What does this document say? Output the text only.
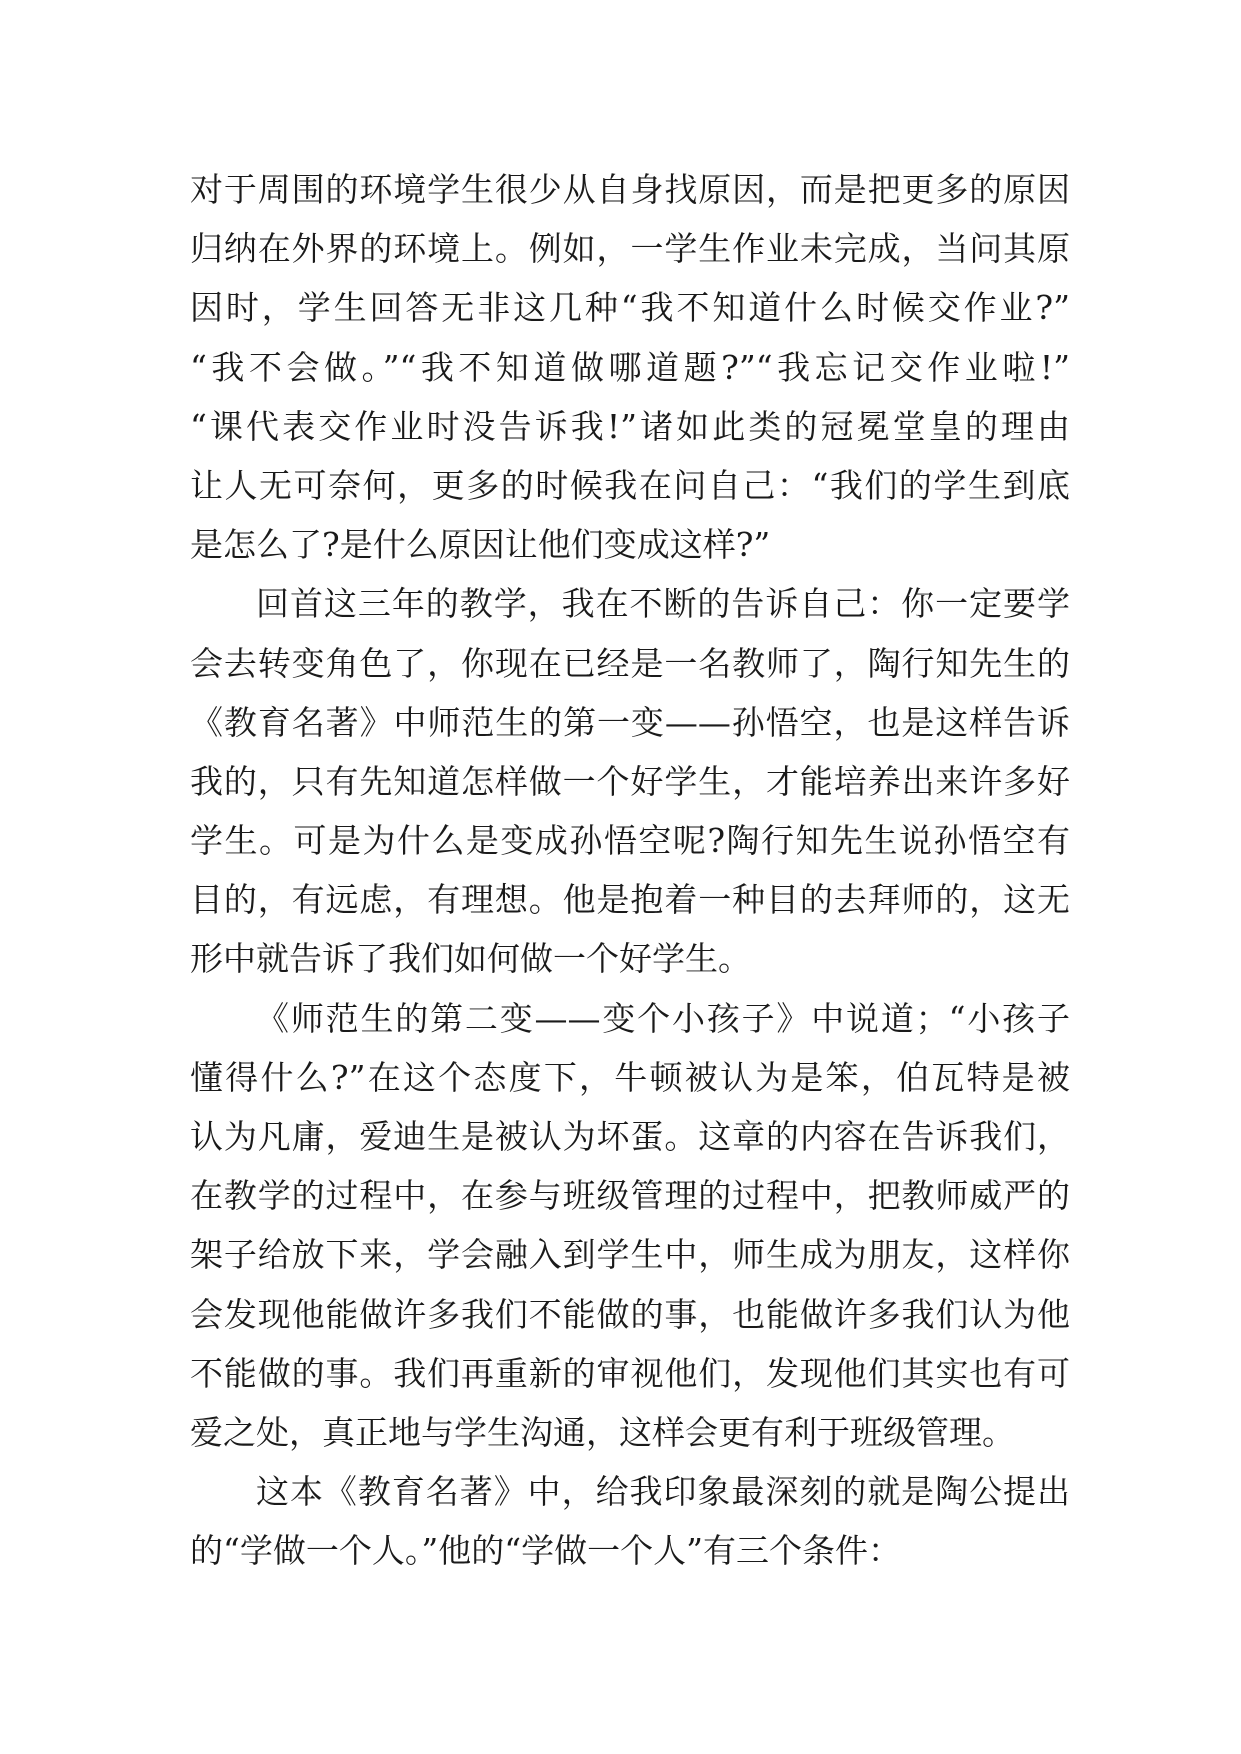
对于周围的环境学生很少从自身找原因，而是把更多的原因
归纳在外界的环境上。例如，一学生作业未完成，当问其原
因时，学生回答无非这几种“我不知道什么时候交作业?”
“我不会做。”“我不知道做哪道题?”“我忘记交作业啦!”
“课代表交作业时没告诉我!”诸如此类的冠冕堂皇的理由
让人无可奈何，更多的时候我在问自己：“我们的学生到底
是怎么了?是什么原因让他们变成这样?”
回首这三年的教学，我在不断的告诉自己：你一定要学
会去转变角色了，你现在已经是一名教师了，陶行知先生的
《教育名著》中师范生的第一变——孙悟空，也是这样告诉
我的，只有先知道怎样做一个好学生，才能培养出来许多好
学生。可是为什么是变成孙悟空呢?陶行知先生说孙悟空有
目的，有远虑，有理想。他是抱着一种目的去拜师的，这无
形中就告诉了我们如何做一个好学生。
《师范生的第二变——变个小孩子》中说道；“小孩子
懂得什么?”在这个态度下，牛顿被认为是笨，伯瓦特是被
认为凡庸，爱迪生是被认为坏蛋。这章的内容在告诉我们，
在教学的过程中，在参与班级管理的过程中，把教师威严的
架子给放下来，学会融入到学生中，师生成为朋友，这样你
会发现他能做许多我们不能做的事，也能做许多我们认为他
不能做的事。我们再重新的审视他们，发现他们其实也有可
爱之处，真正地与学生沟通，这样会更有利于班级管理。
这本《教育名著》中，给我印象最深刻的就是陶公提出
的“学做一个人。”他的“学做一个人”有三个条件：
